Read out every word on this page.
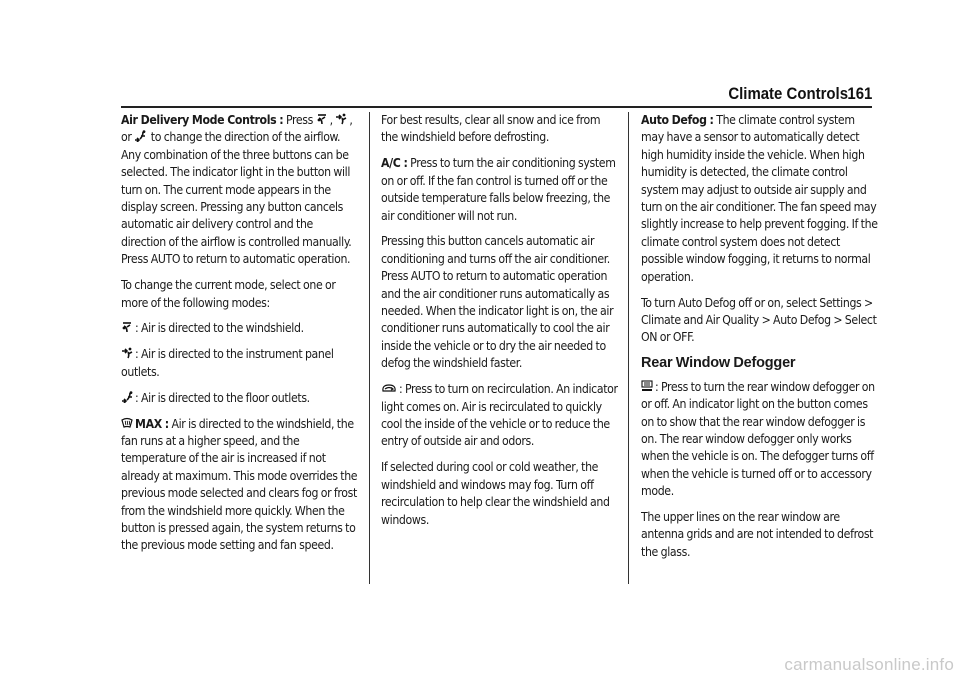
Climate Controls 161

Air Delivery Mode Controls : Press , ,
or to change the direction of the airflow. Any combination of the three buttons can be selected. The indicator light in the button will turn on. The current mode appears in the display screen. Pressing any button cancels automatic air delivery control and the direction of the airflow is controlled manually. Press AUTO to return to automatic operation.

To change the current mode, select one or more of the following modes:

: Air is directed to the windshield.

: Air is directed to the instrument panel outlets.

: Air is directed to the floor outlets.

MAX : Air is directed to the windshield, the fan runs at a higher speed, and the temperature of the air is increased if not already at maximum. This mode overrides the previous mode selected and clears fog or frost from the windshield more quickly. When the button is pressed again, the system returns to the previous mode setting and fan speed.

For best results, clear all snow and ice from the windshield before defrosting.

A/C : Press to turn the air conditioning system on or off. If the fan control is turned off or the outside temperature falls below freezing, the air conditioner will not run.

Pressing this button cancels automatic air conditioning and turns off the air conditioner. Press AUTO to return to automatic operation and the air conditioner runs automatically as needed. When the indicator light is on, the air conditioner runs automatically to cool the air inside the vehicle or to dry the air needed to defog the windshield faster.

: Press to turn on recirculation. An indicator light comes on. Air is recirculated to quickly cool the inside of the vehicle or to reduce the entry of outside air and odors.

If selected during cool or cold weather, the windshield and windows may fog. Turn off recirculation to help clear the windshield and windows.

Auto Defog : The climate control system may have a sensor to automatically detect high humidity inside the vehicle. When high humidity is detected, the climate control system may adjust to outside air supply and turn on the air conditioner. The fan speed may slightly increase to help prevent fogging. If the climate control system does not detect possible window fogging, it returns to normal operation.

To turn Auto Defog off or on, select Settings > Climate and Air Quality > Auto Defog > Select ON or OFF.

Rear Window Defogger

: Press to turn the rear window defogger on or off. An indicator light on the button comes on to show that the rear window defogger is on. The rear window defogger only works when the vehicle is on. The defogger turns off when the vehicle is turned off or to accessory mode.

The upper lines on the rear window are antenna grids and are not intended to defrost the glass.

carmanualsonline.info
